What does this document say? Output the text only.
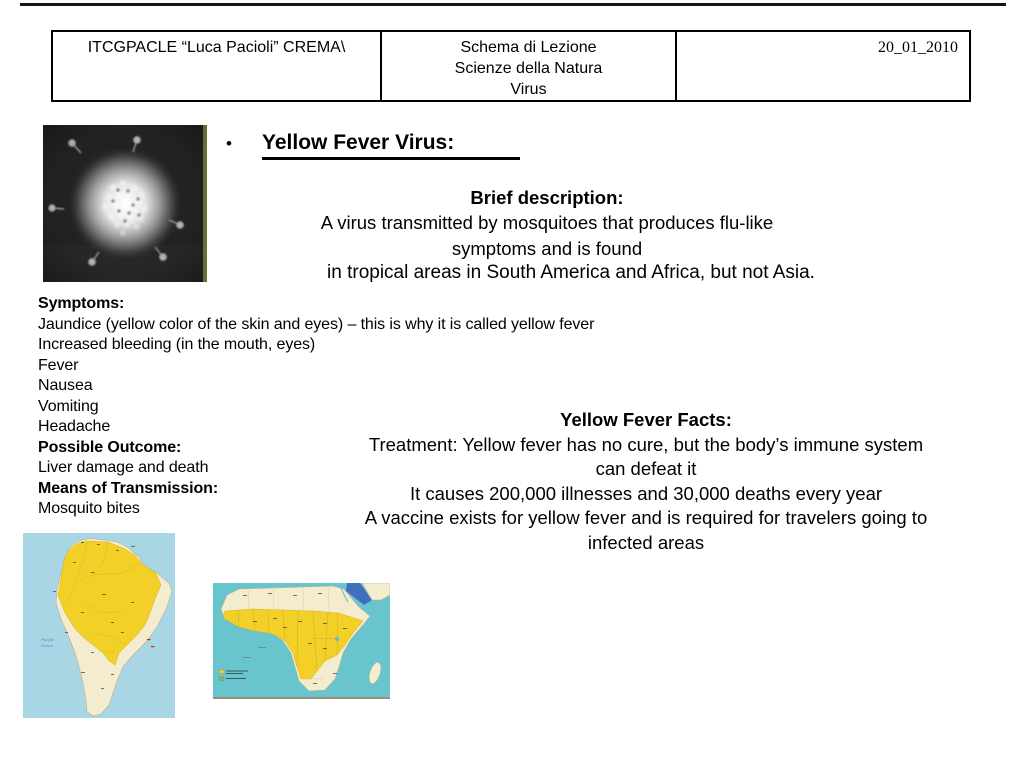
ITCGPACLE “Luca Pacioli” CREMA\	Schema di Lezione
Scienze della Natura
Virus
20_01_2010
• Yellow Fever Virus:
Brief description:
A virus transmitted by mosquitoes that produces flu-like
symptoms and is found
in tropical areas in South America and Africa, but not Asia.
Symptoms:
Jaundice (yellow color of the skin and eyes) – this is why it is called yellow fever
Increased bleeding (in the mouth, eyes)
Fever
Nausea
Vomiting
Headache
Possible Outcome:
Liver damage and death
Means of Transmission:
Mosquito bites
Yellow Fever Facts:
Treatment: Yellow fever has no cure, but the body’s immune system
can defeat it
It causes 200,000 illnesses and 30,000 deaths every year
A vaccine exists for yellow fever and is required for travelers going to
infected areas
Pacific
Ocean
